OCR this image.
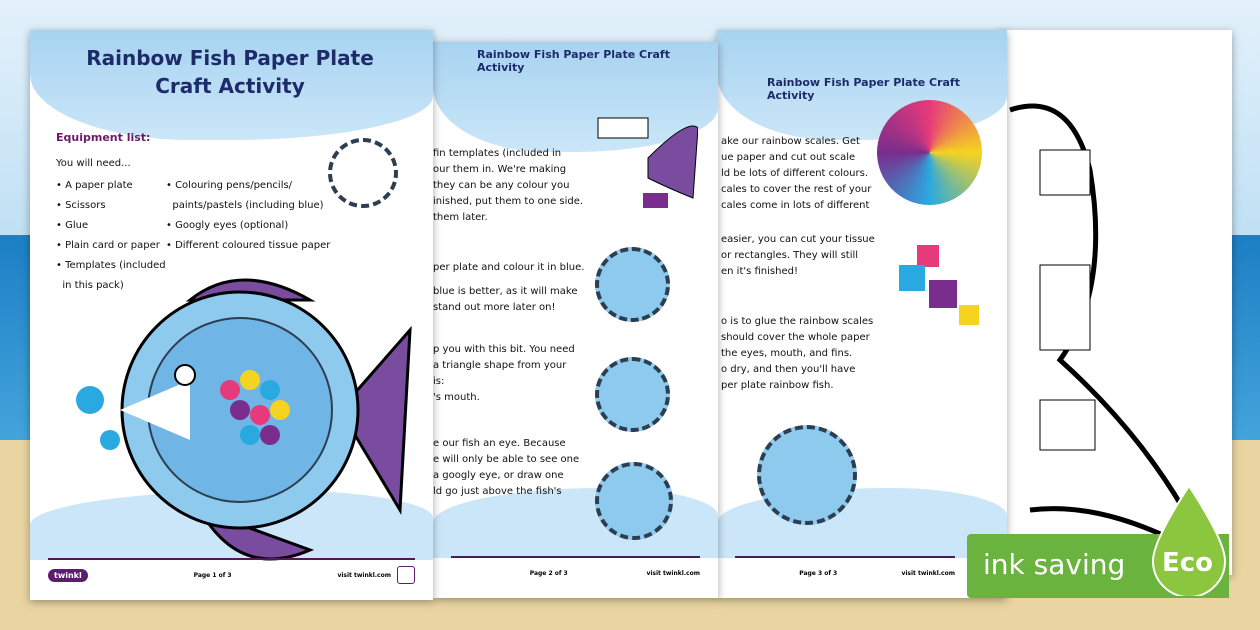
Rainbow Fish Paper Plate Craft Activity
ake our rainbow scales. Get
ue paper and cut out scale
ld be lots of different colours.
cales to cover the rest of your
cales come in lots of different
easier, you can cut your tissue
or rectangles. They will still
en it's finished!
o is to glue the rainbow scales
should cover the whole paper
the eyes, mouth, and fins.
o dry, and then you'll have
per plate rainbow fish.
Page 3 of 3	visit twinkl.com
Rainbow Fish Paper Plate Craft Activity
fin templates (included in
our them in. We're making
they can be any colour you
inished, put them to one side.
them later.
per plate and colour it in blue.
blue is better, as it will make
stand out more later on!
p you with this bit. You need
a triangle shape from your
is:
's mouth.
e our fish an eye. Because
e will only be able to see one
a googly eye, or draw one
ld go just above the fish's
Page 2 of 3	visit twinkl.com
Rainbow Fish Paper Plate Craft Activity
Equipment list:
You will need...
• A paper plate
• Scissors
• Glue
• Plain card or paper
• Templates (included
in this pack)
• Colouring pens/pencils/
paints/pastels (including blue)
• Googly eyes (optional)
• Different coloured tissue paper
twinkl	Page 1 of 3	visit twinkl.com	ink saving Eco
